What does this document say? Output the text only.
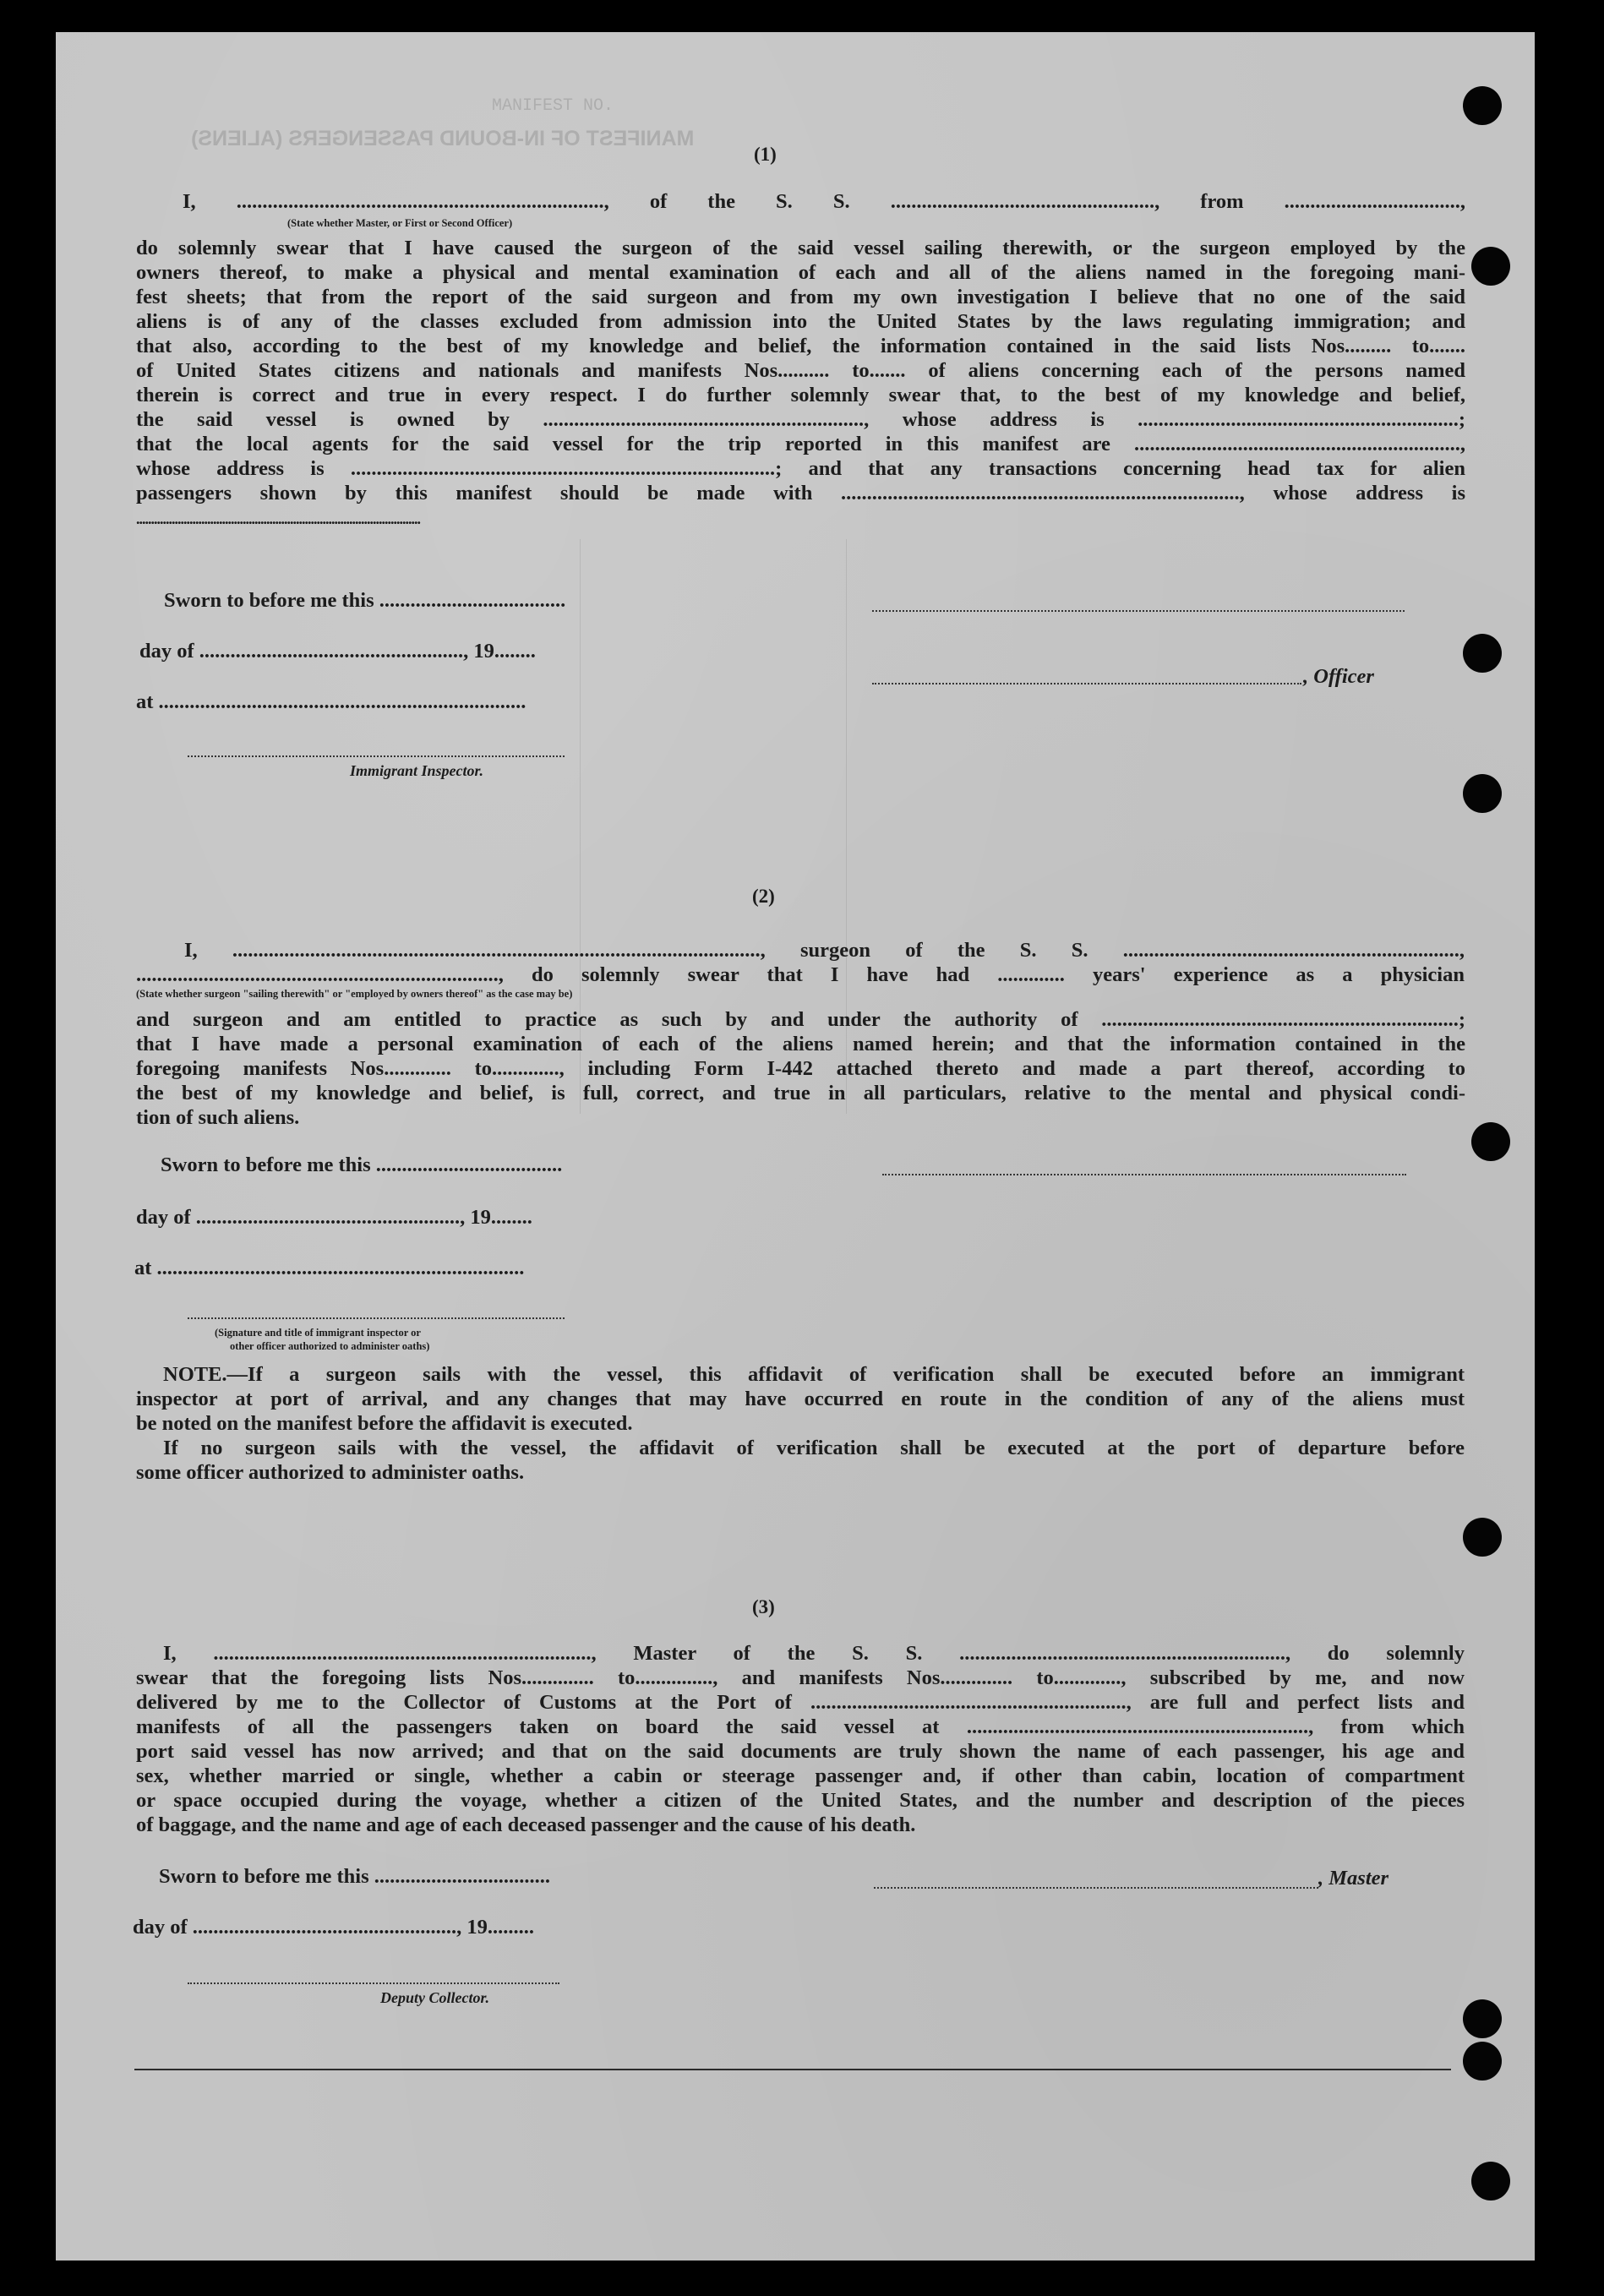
MANIFEST OF IN-BOUND PASSENGERS (ALIENS)
MANIFEST NO.
(1)
I, ......................................................................., of the S. S. ..................................................., from ..................................,
(State whether Master, or First or Second Officer)
do solemnly swear that I have caused the surgeon of the said vessel sailing therewith, or the surgeon employed by the
owners thereof, to make a physical and mental examination of each and all of the aliens named in the foregoing mani-
fest sheets; that from the report of the said surgeon and from my own investigation I believe that no one of the said
aliens is of any of the classes excluded from admission into the United States by the laws regulating immigration; and
that also, according to the best of my knowledge and belief, the information contained in the said lists Nos......... to.......
of United States citizens and nationals and manifests Nos.......... to....... of aliens concerning each of the persons named
therein is correct and true in every respect. I do further solemnly swear that, to the best of my knowledge and belief,
the said vessel is owned by .............................................................., whose address is ..............................................................;
that the local agents for the said vessel for the trip reported in this manifest are ...............................................................,
whose address is ..................................................................................; and that any transactions concerning head tax for alien
passengers shown by this manifest should be made with ............................................................................., whose address is
................................................................................................
Sworn to before me this ....................................
day of ..................................................., 19........
, Officer
at .......................................................................
Immigrant Inspector.
(2)
I, ......................................................................................................, surgeon of the S. S. .................................................................,
......................................................................, do solemnly swear that I have had ............. years' experience as a physician
(State whether surgeon "sailing therewith" or "employed by owners thereof" as the case may be)
and surgeon and am entitled to practice as such by and under the authority of .....................................................................;
that I have made a personal examination of each of the aliens named herein; and that the information contained in the
foregoing manifests Nos............. to............., including Form I-442 attached thereto and made a part thereof, according to
the best of my knowledge and belief, is full, correct, and true in all particulars, relative to the mental and physical condi-
tion of such aliens.
Sworn to before me this ....................................
day of ..................................................., 19........
at .......................................................................
(Signature and title of immigrant inspector or
other officer authorized to administer oaths)
NOTE.—If a surgeon sails with the vessel, this affidavit of verification shall be executed before an immigrant
inspector at port of arrival, and any changes that may have occurred en route in the condition of any of the aliens must
be noted on the manifest before the affidavit is executed.
If no surgeon sails with the vessel, the affidavit of verification shall be executed at the port of departure before
some officer authorized to administer oaths.
(3)
I, ........................................................................., Master of the S. S. ..............................................................., do solemnly
swear that the foregoing lists Nos.............. to..............., and manifests Nos.............. to............., subscribed by me, and now
delivered by me to the Collector of Customs at the Port of ............................................................., are full and perfect lists and
manifests of all the passengers taken on board the said vessel at .................................................................., from which
port said vessel has now arrived; and that on the said documents are truly shown the name of each passenger, his age and
sex, whether married or single, whether a cabin or steerage passenger and, if other than cabin, location of compartment
or space occupied during the voyage, whether a citizen of the United States, and the number and description of the pieces
of baggage, and the name and age of each deceased passenger and the cause of his death.
Sworn to before me this ..................................	, Master
day of ..................................................., 19.........
Deputy Collector.
